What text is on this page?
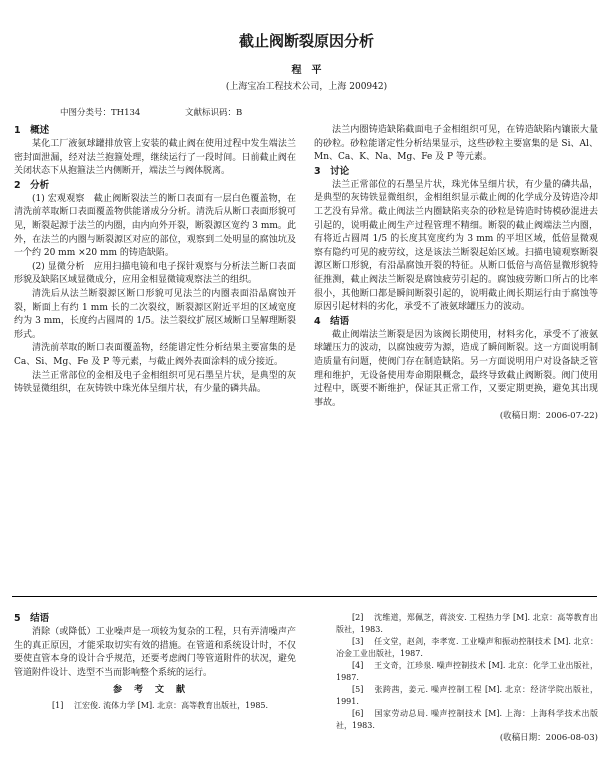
截止阀断裂原因分析
程　平
(上海宝冶工程技术公司，上海 200942)
中图分类号：TH134	文献标识码：B
1　概述

某化工厂液氨球罐排放管上安装的截止阀在使用过程中发生端法兰密封面泄漏，经对法兰抱箍处理，继续运行了一段时间。日前截止阀在关闭状态下从抱箍法兰内侧断开，端法兰与阀体脱离。

2　分析

(1) 宏观观察　截止阀断裂法兰的断口表面有一层白色覆盖物，在清洗前萃取断口表面覆盖物供能谱成分分析。清洗后从断口表面形貌可见，断裂起源于法兰的内圈，由内向外开裂，断裂源区宽约 3 mm。此外，在法兰的内圈与断裂源区对应的部位，观察到二处明显的腐蚀坑及一个约 20 mm ×20 mm 的铸造缺陷。

(2) 显微分析　应用扫描电镜和电子探针观察与分析法兰断口表面形貌及缺陷区域显微成分，应用金相显微镜观察法兰的组织。

清洗后从法兰断裂源区断口形貌可见法兰的内圈表面沿晶腐蚀开裂，断面上有约 1 mm 长的二次裂纹，断裂源区附近平坦的区域宽度约为 3 mm，长度约占圆周的 1/5。法兰裂纹扩展区域断口呈解理断裂形式。

清洗前萃取的断口表面覆盖物，经能谱定性分析结果主要富集的是 Ca、Si、Mg、Fe 及 P 等元素，与截止阀外表面涂料的成分接近。

法兰正常部位的金相及电子金相组织可见石墨呈片状，是典型的灰铸铁显微组织，在灰铸铁中珠光体呈细片状，有少量的磷共晶。

法兰内圈铸造缺陷截面电子金相组织可见，在铸造缺陷内镶嵌大量的砂粒。砂粒能谱定性分析结果显示，这些砂粒主要富集的是 Si、Al、Mn、Ca、K、Na、Mg、Fe 及 P 等元素。

3　讨论

法兰正常部位的石墨呈片状，珠光体呈细片状，有少量的磷共晶，是典型的灰铸铁显微组织，金相组织显示截止阀的化学成分及铸造冷却工艺没有异常。截止阀法兰内圈缺陷夹杂的砂粒是铸造时铸模砂混进去引起的，说明截止阀生产过程管理不精细。断裂的截止阀端法兰内圈，有将近占圆周 1/5 的长度其宽度约为 3 mm 的平坦区域，低倍显微观察有隐约可见的疲劳纹，这是该法兰断裂起始区域。扫描电镜观察断裂源区断口形貌，有沿晶腐蚀开裂的特征。从断口低倍与高倍显微形貌特征推测，截止阀法兰断裂是腐蚀疲劳引起的。腐蚀疲劳断口所占的比率很小，其他断口都是瞬间断裂引起的，说明截止阀长期运行由于腐蚀等原因引起材料的劣化，承受不了液氨球罐压力的波动。

4　结语

截止阀端法兰断裂是因为该阀长期使用，材料劣化，承受不了液氨球罐压力的波动，以腐蚀疲劳为源，造成了瞬间断裂。这一方面说明制造质量有问题，使阀门存在制造缺陷。另一方面说明用户对设备缺乏管理和维护，无设备使用寿命期限概念，最终导致截止阀断裂。阀门使用过程中，既要不断维护，保证其正常工作，又要定期更换，避免其出现事故。

(收稿日期：2006-07-22)
5　结语

消除（或降低）工业噪声是一项较为复杂的工程，只有弄清噪声产生的真正原因，才能采取切实有效的措施。在管道和系统设计时，不仅要使直管本身的设计合乎规范，还要考虑阀门等管道附件的状况，避免管道附件设计、选型不当而影响整个系统的运行。

参考文献

[1] 江宏俊. 流体力学 [M]. 北京：高等教育出版社，1985.

[2] 沈维道，郑佩芝，蒋淡安. 工程热力学 [M]. 北京：高等教育出版社，1983.

[3] 任文堂，赵剑，李孝宽. 工业噪声和振动控制技术 [M]. 北京：冶金工业出版社，1987.

[4] 王文奇，江珍泉. 噪声控制技术 [M]. 北京：化学工业出版社，1987.

[5] 张跨茜，姜元. 噪声控制工程 [M]. 北京：经济学院出版社，1991.

[6] 国家劳动总局. 噪声控制技术 [M]. 上海：上海科学技术出版社，1983.

(收稿日期：2006-08-03)
